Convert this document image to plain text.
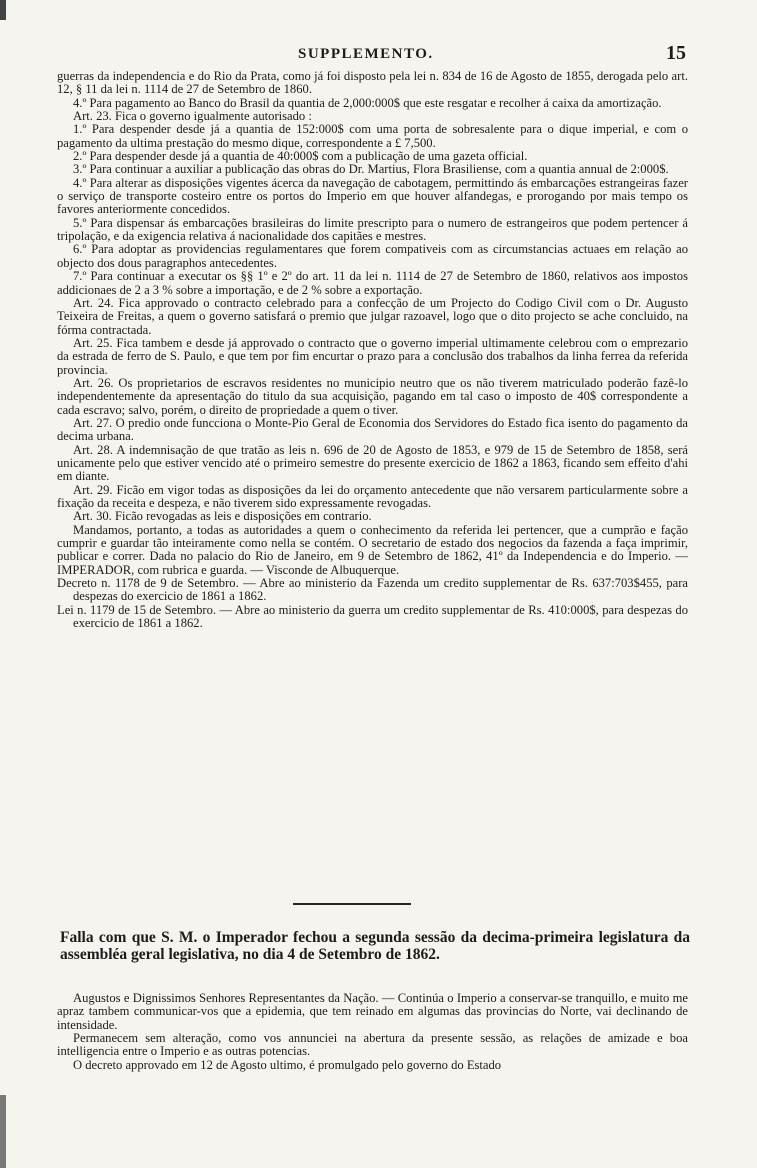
SUPPLEMENTO.	15

guerras da independencia e do Rio da Prata, como já foi disposto pela lei n. 834 de 16 de Agosto de 1855, derogada pelo art. 12, § 11 da lei n. 1114 de 27 de Setembro de 1860.

4.º Para pagamento ao Banco do Brasil da quantia de 2,000:000$ que este resgatar e recolher á caixa da amortização.

Art. 23. Fica o governo igualmente autorisado :

1.º Para despender desde já a quantia de 152:000$ com uma porta de sobresalente para o dique imperial, e com o pagamento da ultima prestação do mesmo dique, correspondente a £ 7,500.

2.º Para despender desde já a quantia de 40:000$ com a publicação de uma gazeta official.

3.º Para continuar a auxiliar a publicação das obras do Dr. Martius, Flora Brasiliense, com a quantia annual de 2:000$.

4.º Para alterar as disposições vigentes ácerca da navegação de cabotagem, permittindo ás embarcações estrangeiras fazer o serviço de transporte costeiro entre os portos do Imperio em que houver alfandegas, e prorogando por mais tempo os favores anteriormente concedidos.

5.º Para dispensar ás embarcações brasileiras do limite prescripto para o numero de estrangeiros que podem pertencer á tripolação, e da exigencia relativa á nacionalidade dos capitães e mestres.

6.º Para adoptar as providencias regulamentares que forem compativeis com as circumstancias actuaes em relação ao objecto dos dous paragraphos antecedentes.

7.º Para continuar a executar os §§ 1º e 2º do art. 11 da lei n. 1114 de 27 de Setembro de 1860, relativos aos impostos addicionaes de 2 a 3 % sobre a importação, e de 2 % sobre a exportação.

Art. 24. Fica approvado o contracto celebrado para a confecção de um Projecto do Codigo Civil com o Dr. Augusto Teixeira de Freitas, a quem o governo satisfará o premio que julgar razoavel, logo que o dito projecto se ache concluido, na fórma contractada.

Art. 25. Fica tambem e desde já approvado o contracto que o governo imperial ultimamente celebrou com o emprezario da estrada de ferro de S. Paulo, e que tem por fim encurtar o prazo para a conclusão dos trabalhos da linha ferrea da referida provincia.

Art. 26. Os proprietarios de escravos residentes no municipio neutro que os não tiverem matriculado poderão fazê-lo independentemente da apresentação do titulo da sua acquisição, pagando em tal caso o imposto de 40$ correspondente a cada escravo; salvo, porém, o direito de propriedade a quem o tiver.

Art. 27. O predio onde funcciona o Monte-Pio Geral de Economia dos Servidores do Estado fica isento do pagamento da decima urbana.

Art. 28. A indemnisação de que tratão as leis n. 696 de 20 de Agosto de 1853, e 979 de 15 de Setembro de 1858, será unicamente pelo que estiver vencido até o primeiro semestre do presente exercicio de 1862 a 1863, ficando sem effeito d'ahi em diante.

Art. 29. Ficão em vigor todas as disposições da lei do orçamento antecedente que não versarem particularmente sobre a fixação da receita e despeza, e não tiverem sido expressamente revogadas.

Art. 30. Ficão revogadas as leis e disposições em contrario.

Mandamos, portanto, a todas as autoridades a quem o conhecimento da referida lei pertencer, que a cumprão e fação cumprir e guardar tão inteiramente como nella se contém. O secretario de estado dos negocios da fazenda a faça imprimir, publicar e correr. Dada no palacio do Rio de Janeiro, em 9 de Setembro de 1862, 41º da Independencia e do Imperio. — IMPERADOR, com rubrica e guarda. — Visconde de Albuquerque.

Decreto n. 1178 de 9 de Setembro. — Abre ao ministerio da Fazenda um credito supplementar de Rs. 637:703$455, para despezas do exercicio de 1861 a 1862.

Lei n. 1179 de 15 de Setembro. — Abre ao ministerio da guerra um credito supplementar de Rs. 410:000$, para despezas do exercicio de 1861 a 1862.

Falla com que S. M. o Imperador fechou a segunda sessão da decima-primeira legislatura da assembléa geral legislativa, no dia 4 de Setembro de 1862.

Augustos e Dignissimos Senhores Representantes da Nação. — Continúa o Imperio a conservar-se tranquillo, e muito me apraz tambem communicar-vos que a epidemia, que tem reinado em algumas das provincias do Norte, vai declinando de intensidade.

Permanecem sem alteração, como vos annunciei na abertura da presente sessão, as relações de amizade e boa intelligencia entre o Imperio e as outras potencias.

O decreto approvado em 12 de Agosto ultimo, é promulgado pelo governo do Estado
